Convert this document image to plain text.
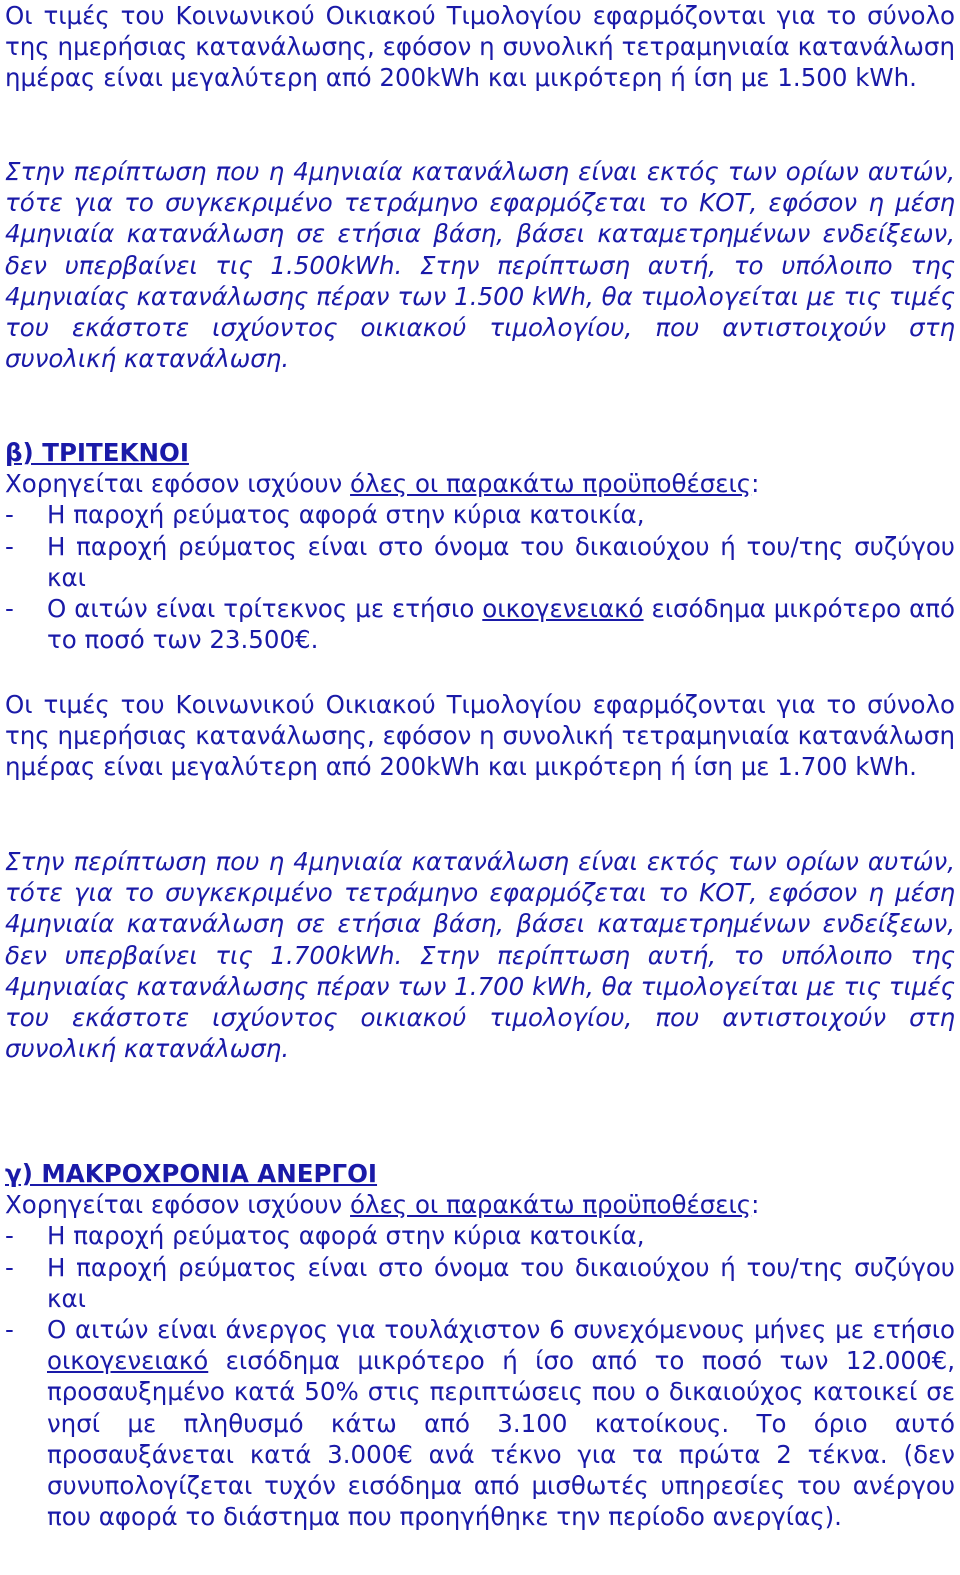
Οι τιμές του Κοινωνικού Οικιακού Τιμολογίου εφαρμόζονται για το σύνολο της ημερήσιας κατανάλωσης, εφόσον η συνολική τετραμηνιαία κατανάλωση ημέρας είναι μεγαλύτερη από 200kWh και μικρότερη ή ίση με 1.500 kWh.

Στην περίπτωση που η 4μηνιαία κατανάλωση είναι εκτός των ορίων αυτών, τότε για το συγκεκριμένο τετράμηνο εφαρμόζεται το ΚΟΤ, εφόσον η μέση 4μηνιαία κατανάλωση σε ετήσια βάση, βάσει καταμετρημένων ενδείξεων, δεν υπερβαίνει τις 1.500kWh. Στην περίπτωση αυτή, το υπόλοιπο της 4μηνιαίας κατανάλωσης πέραν των 1.500 kWh, θα τιμολογείται με τις τιμές του εκάστοτε ισχύοντος οικιακού τιμολογίου, που αντιστοιχούν στη συνολική κατανάλωση.

β) ΤΡΙΤΕΚΝΟΙ

Χορηγείται εφόσον ισχύουν όλες οι παρακάτω προϋποθέσεις:

- Η παροχή ρεύματος αφορά στην κύρια κατοικία,
- Η παροχή ρεύματος είναι στο όνομα του δικαιούχου ή του/της συζύγου και
- Ο αιτών είναι τρίτεκνος με ετήσιο οικογενειακό εισόδημα μικρότερο από το ποσό των 23.500€.

Οι τιμές του Κοινωνικού Οικιακού Τιμολογίου εφαρμόζονται για το σύνολο της ημερήσιας κατανάλωσης, εφόσον η συνολική τετραμηνιαία κατανάλωση ημέρας είναι μεγαλύτερη από 200kWh και μικρότερη ή ίση με 1.700 kWh.

Στην περίπτωση που η 4μηνιαία κατανάλωση είναι εκτός των ορίων αυτών, τότε για το συγκεκριμένο τετράμηνο εφαρμόζεται το ΚΟΤ, εφόσον η μέση 4μηνιαία κατανάλωση σε ετήσια βάση, βάσει καταμετρημένων ενδείξεων, δεν υπερβαίνει τις 1.700kWh. Στην περίπτωση αυτή, το υπόλοιπο της 4μηνιαίας κατανάλωσης πέραν των 1.700 kWh, θα τιμολογείται με τις τιμές του εκάστοτε ισχύοντος οικιακού τιμολογίου, που αντιστοιχούν στη συνολική κατανάλωση.

γ) ΜΑΚΡΟΧΡΟΝΙΑ ΑΝΕΡΓΟΙ

Χορηγείται εφόσον ισχύουν όλες οι παρακάτω προϋποθέσεις:

- Η παροχή ρεύματος αφορά στην κύρια κατοικία,
- Η παροχή ρεύματος είναι στο όνομα του δικαιούχου ή του/της συζύγου και
- Ο αιτών είναι άνεργος για τουλάχιστον 6 συνεχόμενους μήνες με ετήσιο οικογενειακό εισόδημα μικρότερο ή ίσο από το ποσό των 12.000€, προσαυξημένο κατά 50% στις περιπτώσεις που ο δικαιούχος κατοικεί σε νησί με πληθυσμό κάτω από 3.100 κατοίκους. Το όριο αυτό προσαυξάνεται κατά 3.000€ ανά τέκνο για τα πρώτα 2 τέκνα. (δεν συνυπολογίζεται τυχόν εισόδημα από μισθωτές υπηρεσίες του ανέργου που αφορά το διάστημα που προηγήθηκε την περίοδο ανεργίας).
